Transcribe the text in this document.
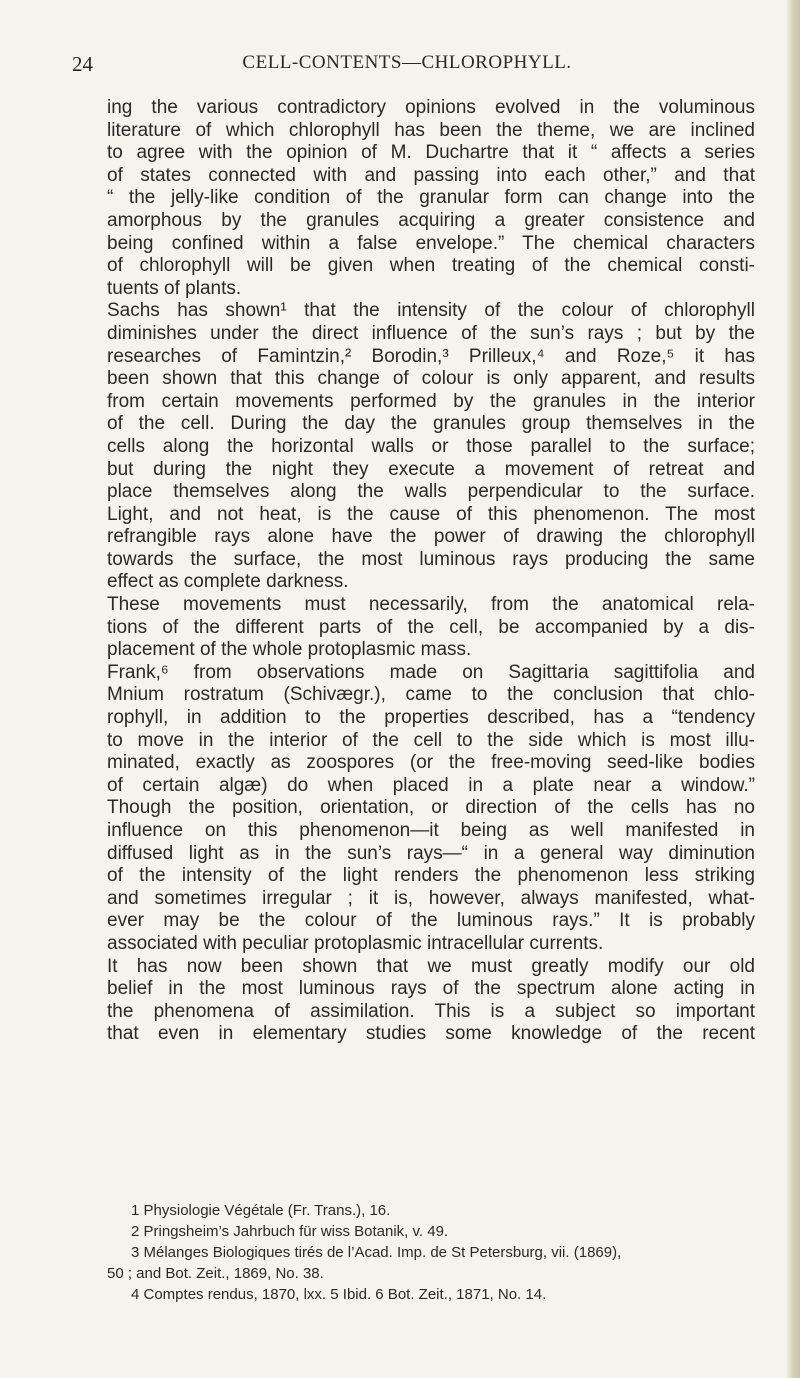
24	CELL-CONTENTS—CHLOROPHYLL.
ing the various contradictory opinions evolved in the voluminous
literature of which chlorophyll has been the theme, we are inclined
to agree with the opinion of M. Duchartre that it “ affects a series
of states connected with and passing into each other,” and that
“ the jelly-like condition of the granular form can change into the
amorphous by the granules acquiring a greater consistence and
being confined within a false envelope.” The chemical characters
of chlorophyll will be given when treating of the chemical consti-
tuents of plants.
Sachs has shown¹ that the intensity of the colour of chlorophyll
diminishes under the direct influence of the sun’s rays ; but by the
researches of Famintzin,² Borodin,³ Prilleux,⁴ and Roze,⁵ it has
been shown that this change of colour is only apparent, and results
from certain movements performed by the granules in the interior
of the cell. During the day the granules group themselves in the
cells along the horizontal walls or those parallel to the surface;
but during the night they execute a movement of retreat and
place themselves along the walls perpendicular to the surface.
Light, and not heat, is the cause of this phenomenon. The most
refrangible rays alone have the power of drawing the chlorophyll
towards the surface, the most luminous rays producing the same
effect as complete darkness.
These movements must necessarily, from the anatomical rela-
tions of the different parts of the cell, be accompanied by a dis-
placement of the whole protoplasmic mass.
Frank,⁶ from observations made on Sagittaria sagittifolia and
Mnium rostratum (Schivægr.), came to the conclusion that chlo-
rophyll, in addition to the properties described, has a “tendency
to move in the interior of the cell to the side which is most illu-
minated, exactly as zoospores (or the free-moving seed-like bodies
of certain algæ) do when placed in a plate near a window.”
Though the position, orientation, or direction of the cells has no
influence on this phenomenon—it being as well manifested in
diffused light as in the sun’s rays—“ in a general way diminution
of the intensity of the light renders the phenomenon less striking
and sometimes irregular ; it is, however, always manifested, what-
ever may be the colour of the luminous rays.” It is probably
associated with peculiar protoplasmic intracellular currents.
It has now been shown that we must greatly modify our old
belief in the most luminous rays of the spectrum alone acting in
the phenomena of assimilation. This is a subject so important
that even in elementary studies some knowledge of the recent
1 Physiologie Végétale (Fr. Trans.), 16.
2 Pringsheim’s Jahrbuch für wiss Botanik, v. 49.
3 Mélanges Biologiques tirés de l’Acad. Imp. de St Petersburg, vii. (1869),
50 ; and Bot. Zeit., 1869, No. 38.
4 Comptes rendus, 1870, lxx. 5 Ibid. 6 Bot. Zeit., 1871, No. 14.
